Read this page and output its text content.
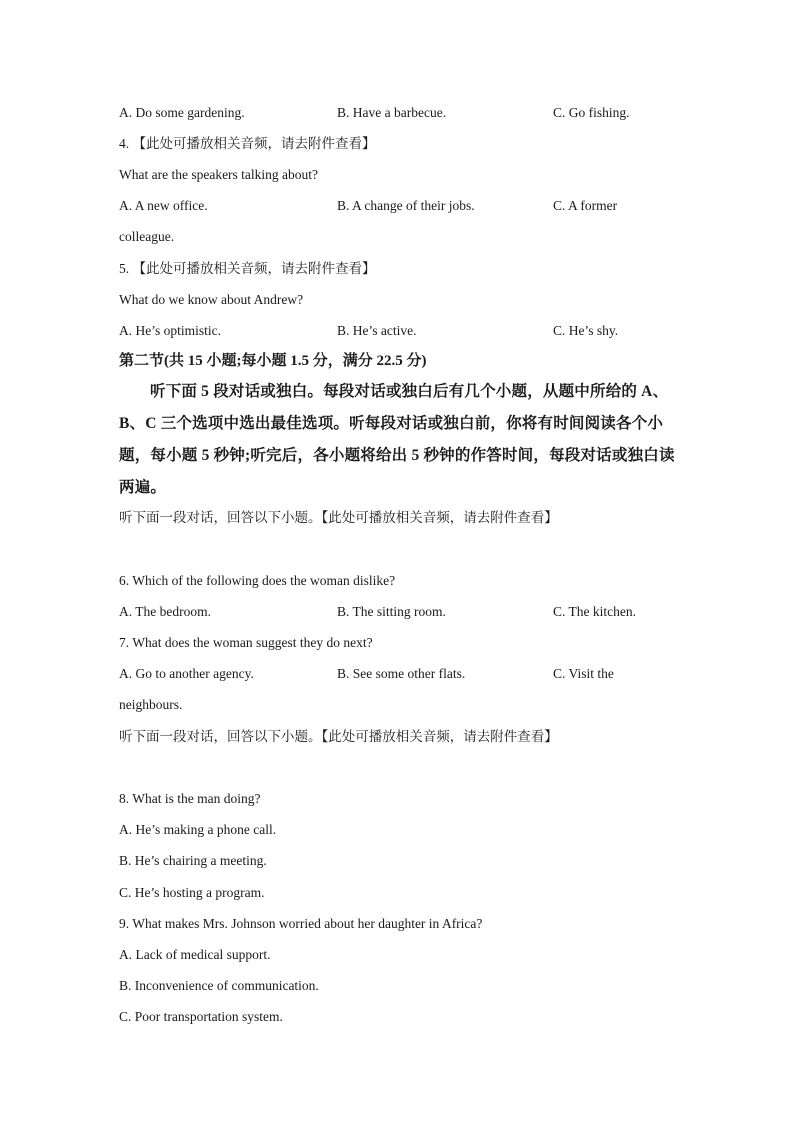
A. Do some gardening.	B. Have a barbecue.	C. Go fishing.
4. 【此处可播放相关音频，请去附件查看】
What are the speakers talking about?
A. A new office.	B. A change of their jobs.	C. A former
colleague.
5. 【此处可播放相关音频，请去附件查看】
What do we know about Andrew?
A. He’s optimistic.	B. He’s active.	C. He’s shy.
第二节(共 15 小题;每小题 1.5 分，满分 22.5 分)
听下面 5 段对话或独白。每段对话或独白后有几个小题，从题中所给的 A、B、C 三个选项中选出最佳选项。听每段对话或独白前，你将有时间阅读各个小题，每小题 5 秒钟;听完后，各小题将给出 5 秒钟的作答时间，每段对话或独白读两遍。
听下面一段对话，回答以下小题。【此处可播放相关音频，请去附件查看】
6. Which of the following does the woman dislike?
A. The bedroom.	B. The sitting room.	C. The kitchen.
7. What does the woman suggest they do next?
A. Go to another agency.	B. See some other flats.	C. Visit the
neighbours.
听下面一段对话，回答以下小题。【此处可播放相关音频，请去附件查看】
8. What is the man doing?
A. He’s making a phone call.
B. He’s chairing a meeting.
C. He’s hosting a program.
9. What makes Mrs. Johnson worried about her daughter in Africa?
A. Lack of medical support.
B. Inconvenience of communication.
C. Poor transportation system.
